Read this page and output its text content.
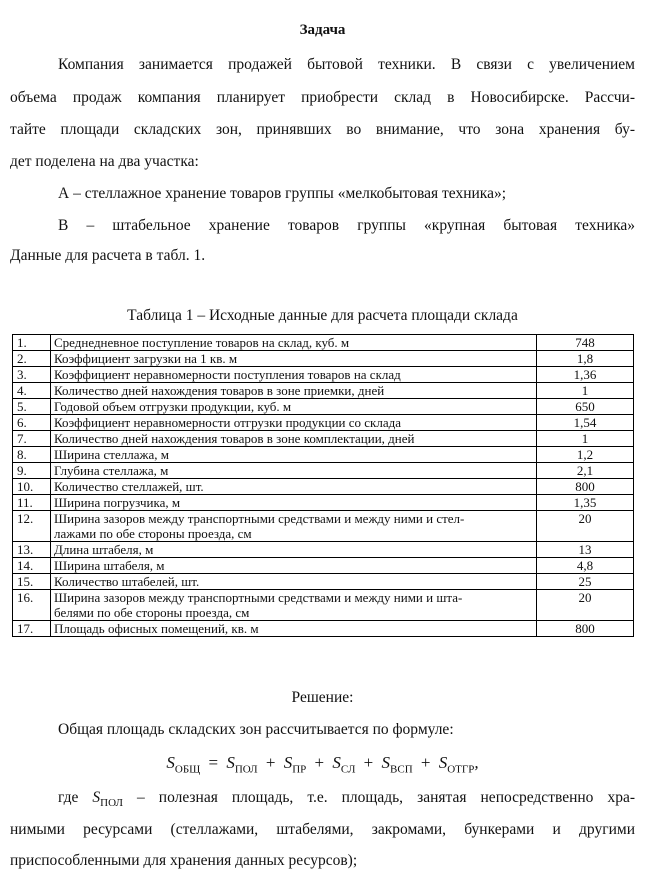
Задача
Компания занимается продажей бытовой техники. В связи с увеличением
объема продаж компания планирует приобрести склад в Новосибирске. Рассчи-
тайте площади складских зон, принявших во внимание, что зона хранения бу-
дет поделена на два участка:
А – стеллажное хранение товаров группы «мелкобытовая техника»;
В – штабельное хранение товаров группы «крупная бытовая техника»
Данные для расчета в табл. 1.
Таблица 1 – Исходные данные для расчета площади склада
1.	Среднедневное поступление товаров на склад, куб. м	748
2.	Коэффициент загрузки на 1 кв. м	1,8
3.	Коэффициент неравномерности поступления товаров на склад	1,36
4.	Количество дней нахождения товаров в зоне приемки, дней	1
5.	Годовой объем отгрузки продукции, куб. м	650
6.	Коэффициент неравномерности отгрузки продукции со склада	1,54
7.	Количество дней нахождения товаров в зоне комплектации, дней	1
8.	Ширина стеллажа, м	1,2
9.	Глубина стеллажа, м	2,1
10.	Количество стеллажей, шт.	800
11.	Ширина погрузчика, м	1,35
12.	Ширина зазоров между транспортными средствами и между ними и стел-
лажами по обе стороны проезда, см	20
13.	Длина штабеля, м	13
14.	Ширина штабеля, м	4,8
15.	Количество штабелей, шт.	25
16.	Ширина зазоров между транспортными средствами и между ними и шта-
белями по обе стороны проезда, см	20
17.	Площадь офисных помещений, кв. м	800
Решение:
Общая площадь складских зон рассчитывается по формуле:
$S_{ОБЩ} = S_{ПОЛ} + S_{ПР} + S_{СЛ} + S_{ВСП} + S_{ОТГР}$,
где $S_{ПОЛ}$ – полезная площадь, т.е. площадь, занятая непосредственно хра-
нимыми ресурсами (стеллажами, штабелями, закромами, бункерами и другими
приспособленными для хранения данных ресурсов);
